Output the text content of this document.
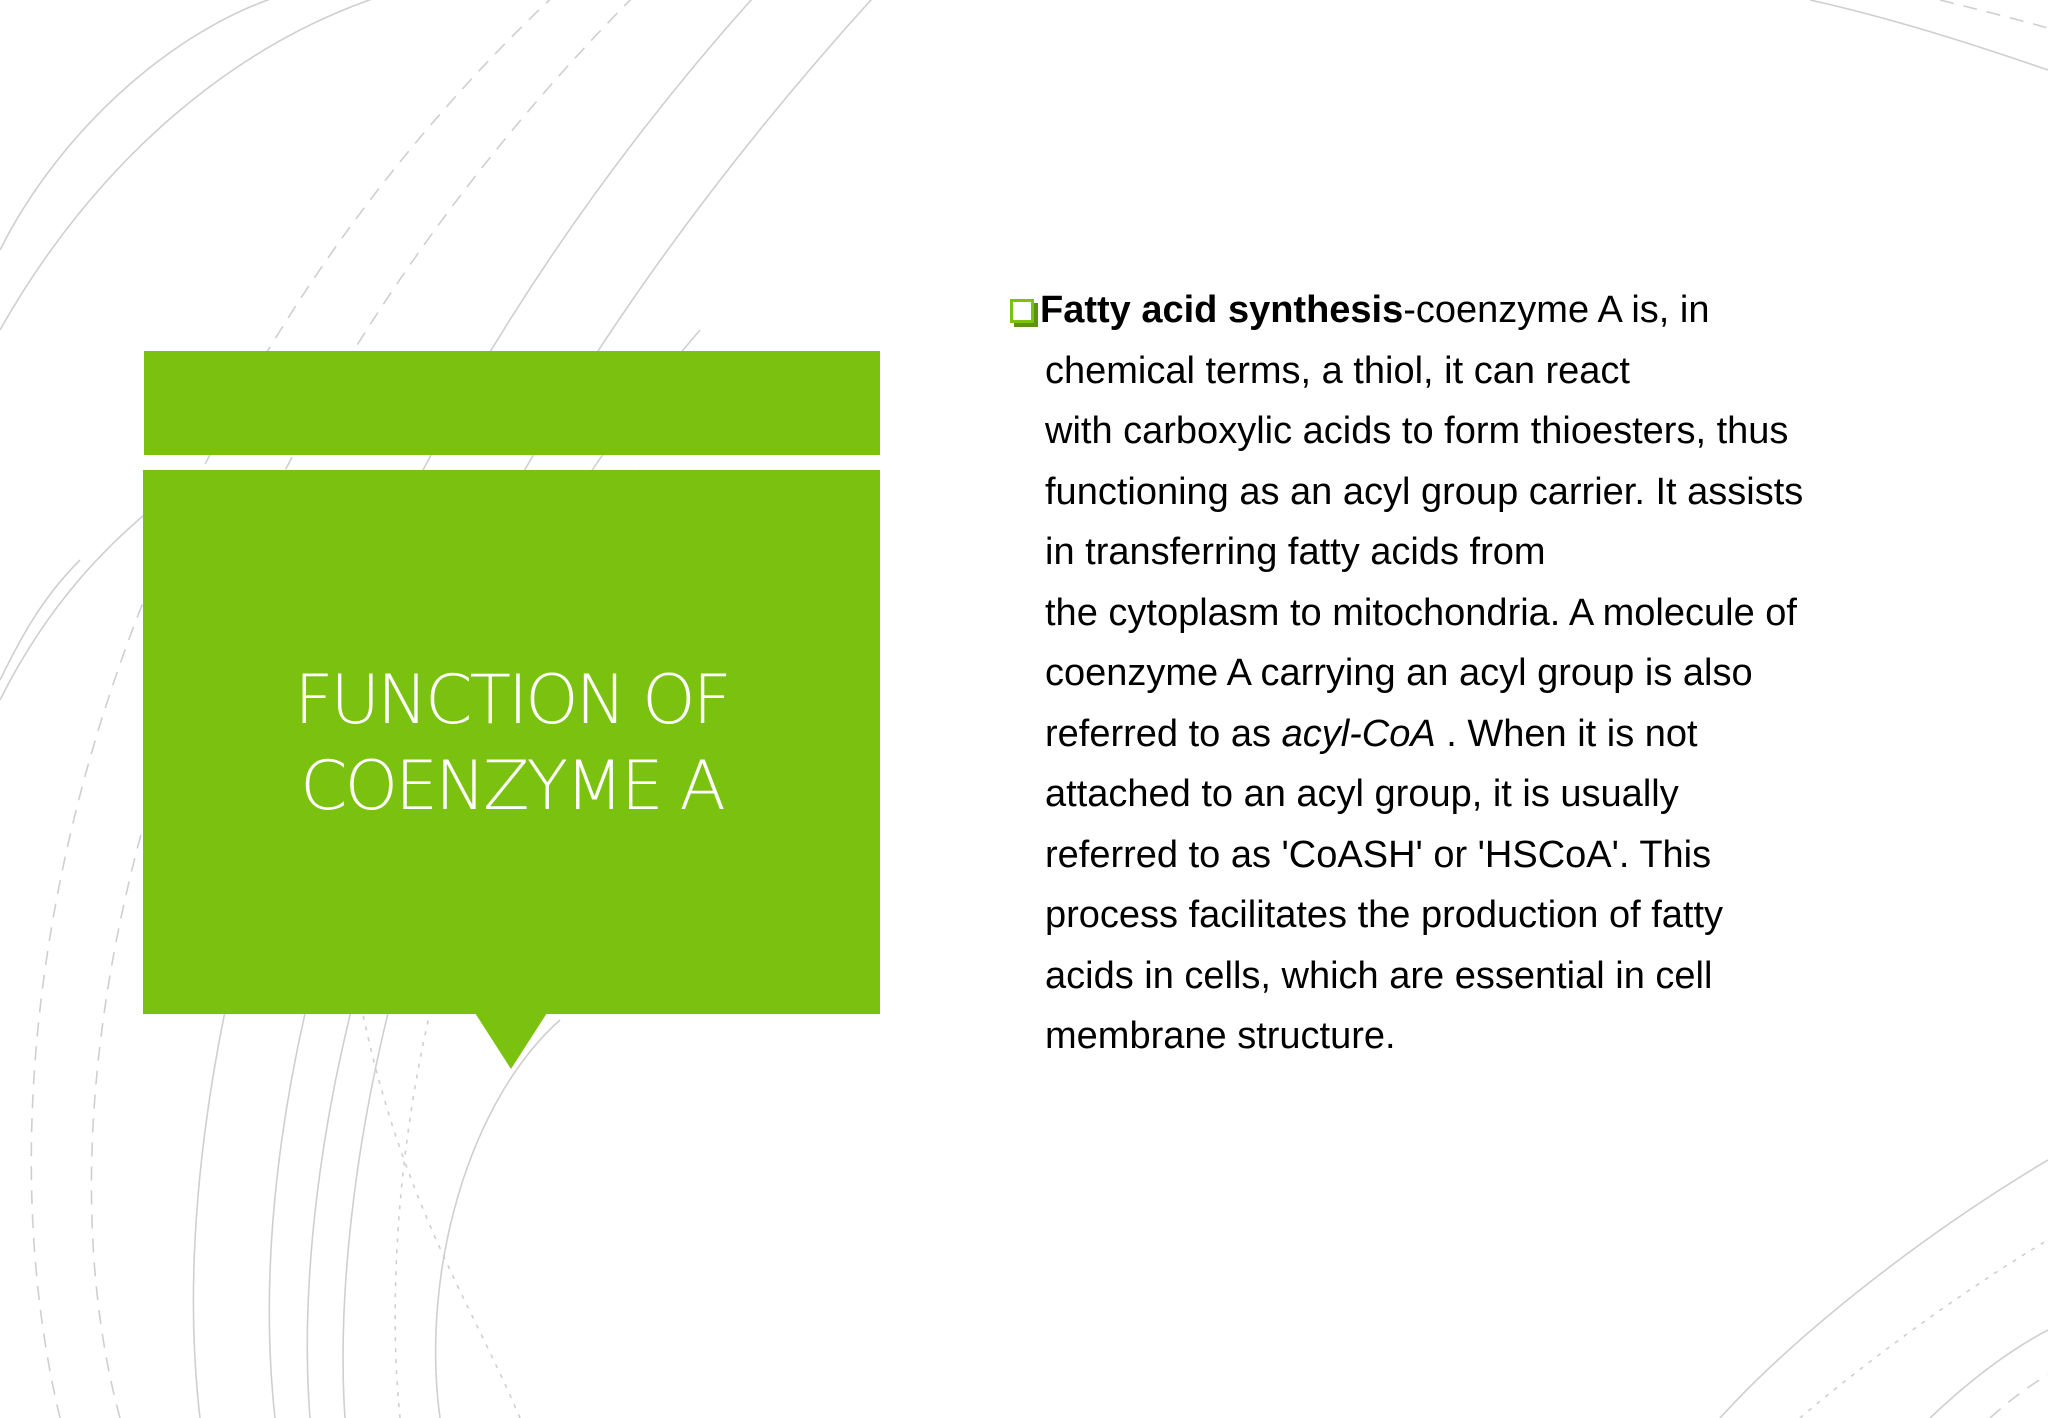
FUNCTION OF
COENZYME A
Fatty acid synthesis -coenzyme A is, in
chemical terms, a thiol, it can react
with carboxylic acids to form thioesters, thus
functioning as an acyl group carrier. It assists
in transferring fatty acids from
the cytoplasm to mitochondria. A molecule of
coenzyme A carrying an acyl group is also
referred to as acyl-CoA . When it is not
attached to an acyl group, it is usually
referred to as 'CoASH' or 'HSCoA'. This
process facilitates the production of fatty
acids in cells, which are essential in cell
membrane structure.
